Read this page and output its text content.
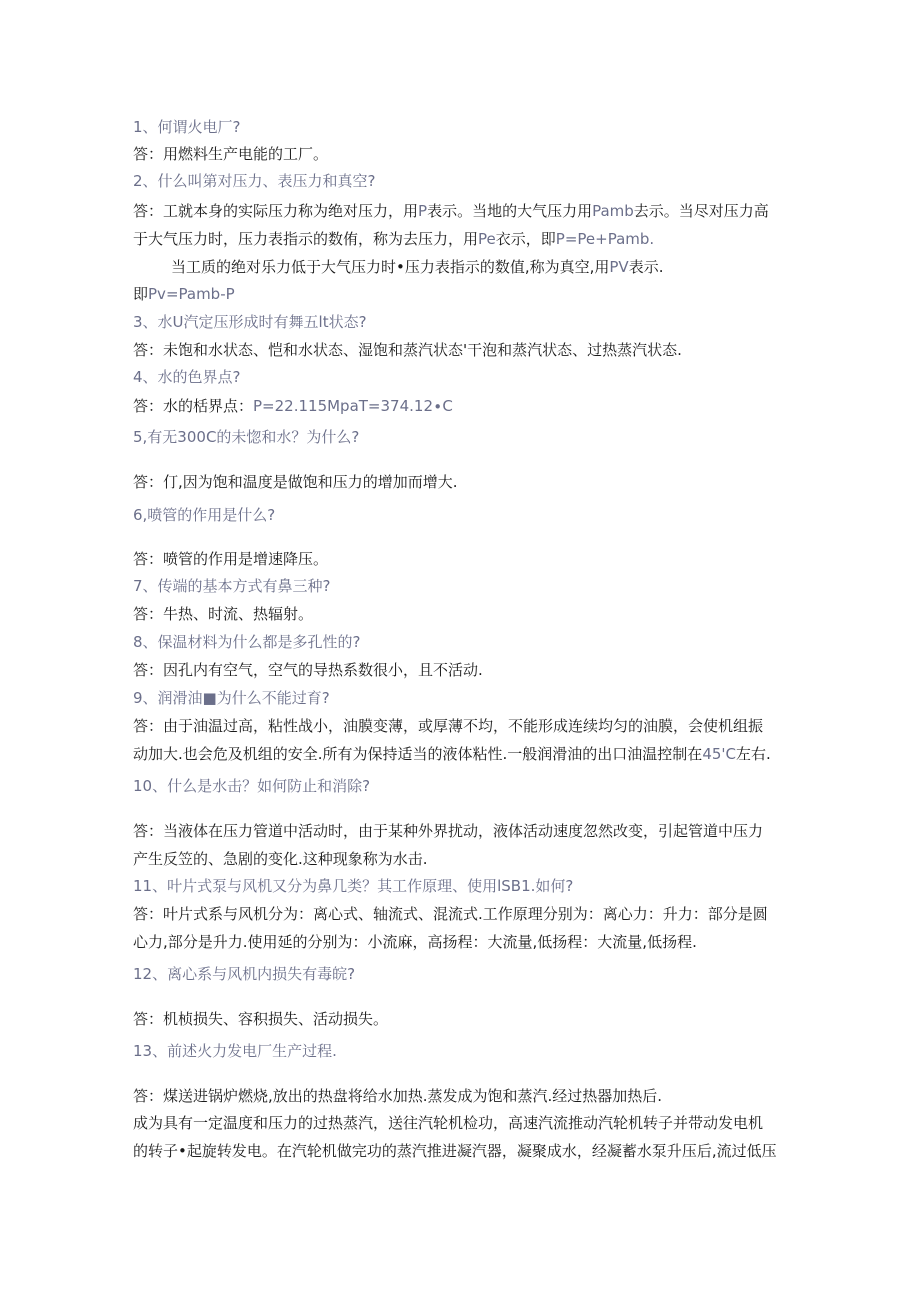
1、何谓火电厂?
答：用燃料生产电能的工厂。
2、什么叫第对压力、表压力和真空?
答：工就本身的实际压力称为绝对压力，用P表示。当地的大气压力用Pamb去示。当尽对压力高
于大气压力时，压力表指示的数侑，称为去压力，用Pe衣示，即P=Pe+Pamb.
当工质的绝对乐力低于大气压力时•压力表指示的数值,称为真空,用PV表示.
即Pv=Pamb-P
3、水U汽定压形成时有舞五lt状态?
答：未饱和水状态、恺和水状态、湿饱和蒸汽状态'干泡和蒸汽状态、过热蒸汽状态.
4、水的色界点?
答：水的栝界点：P=22.115MpaT=374.12∙C
5,有无300C的未惚和水？为什么?
答：仃,因为饱和温度是做饱和压力的增加而增大.
6,喷管的作用是什么?
答：喷管的作用是增速降压。
7、传端的基本方式有鼻三种?
答：牛热、时流、热辐射。
8、保温材料为什么都是多孔性的?
答：因孔内有空气，空气的导热系数很小，且不活动.
9、润滑油■为什么不能过育?
答：由于油温过高，粘性战小，油膜变薄，或厚薄不均，不能形成连续均匀的油膜，会使机组振
动加大.也会危及机组的安全.所有为保持适当的液体粘性.一般润滑油的出口油温控制在45'C左右.
10、什么是水击？如何防止和消除?
答：当液体在压力管道中活动时，由于某种外界扰动，液体活动速度忽然改变，引起管道中压力
产生反笠的、急剧的变化.这种现象称为水击.
11、叶片式泵与风机又分为鼻几类？其工作原理、使用lSB1.如何?
答：叶片式系与风机分为：离心式、轴流式、混流式.工作原理分别为：离心力：升力：部分是圆
心力,部分是升力.使用延的分别为：小流麻，高扬程：大流量,低扬程：大流量,低扬程.
12、离心系与风机内损失有毒皖?
答：机桢损失、容积损失、活动损失。
13、前述火力发电厂生产过程.
答：煤送进锅炉燃烧,放出的热盘将给水加热.蒸发成为饱和蒸汽.经过热器加热后.
成为具有一定温度和压力的过热蒸汽，送往汽轮机检功，高速汽流推动汽轮机转子并带动发电机
的转子•起旋转发电。在汽轮机做完功的蒸汽推进凝汽器，凝聚成水，经凝蓄水泵升压后,流过低压
